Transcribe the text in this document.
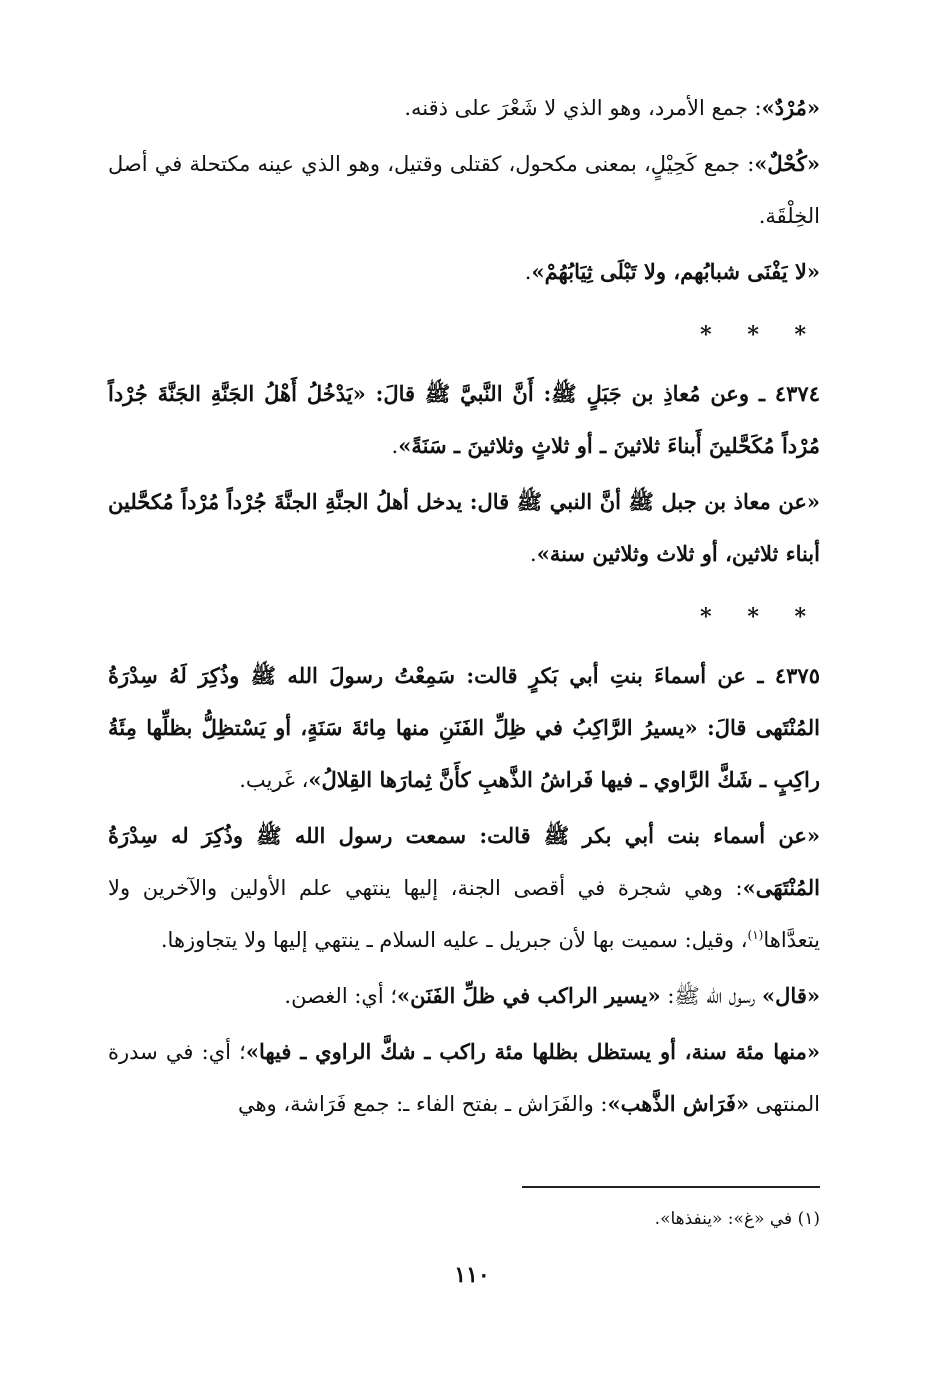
«مُرْدٌ»: جمع الأمرد، وهو الذي لا شَعْرَ على ذقنه.

«كُحْلٌ»: جمع كَحِيْلٍ، بمعنى مكحول، كقتلى وقتيل، وهو الذي عينه مكتحلة في أصل الخِلْقَة.

«لا يَفْنَى شبابُهم، ولا تَبْلَى ثِيَابُهُمْ».

* * *

٤٣٧٤ ـ وعن مُعاذِ بن جَبَلٍ ﷺ: أَنَّ النَّبيَّ ﷺ قالَ: «يَدْخُلُ أَهْلُ الجَنَّةِ الجَنَّةَ جُرْداً مُرْداً مُكَحَّلينَ أَبناءَ ثلاثينَ ـ أو ثلاثٍ وثلاثينَ ـ سَنَةً».

«عن معاذ بن جبل ﷺ أنَّ النبي ﷺ قال: يدخل أهلُ الجنَّةِ الجنَّةَ جُرْداً مُرْداً مُكحَّلين أبناء ثلاثين، أو ثلاث وثلاثين سنة».

* * *

٤٣٧٥ ـ عن أسماءَ بنتِ أبي بَكرٍ قالت: سَمِعْتُ رسولَ الله ﷺ وذُكِرَ لَهُ سِدْرَةُ المُنْتَهى قالَ: «يسيرُ الرَّاكِبُ في ظِلِّ الفَنَنِ منها مِائةَ سَنَةٍ، أو يَسْتظِلُّ بظلِّها مِئَةُ راكِبٍ ـ شَكَّ الرَّاوي ـ فيها فَراشُ الذَّهبِ كأَنَّ ثِمارَها القِلالُ»، غَريب.

«عن أسماء بنت أبي بكر ﷺ قالت: سمعت رسول الله ﷺ وذُكِرَ له سِدْرَةُ المُنْتَهَى»: وهي شجرة في أقصى الجنة، إليها ينتهي علم الأولين والآخرين ولا يتعدَّاها$^{(١)}$، وقيل: سميت بها لأن جبريل ـ عليه السلام ـ ينتهي إليها ولا يتجاوزها.

«قال» رسول الله ﷺ: «يسير الراكب في ظلِّ الفَنَن»؛ أي: الغصن.

«منها مئة سنة، أو يستظل بظلها مئة راكب ـ شكَّ الراوي ـ فيها»؛ أي: في سدرة المنتهى «فَرَاش الذَّهب»: والفَرَاش ـ بفتح الفاء ـ: جمع فَرَاشة، وهي

(١) في «غ»: «ينفذها».
١١٠
